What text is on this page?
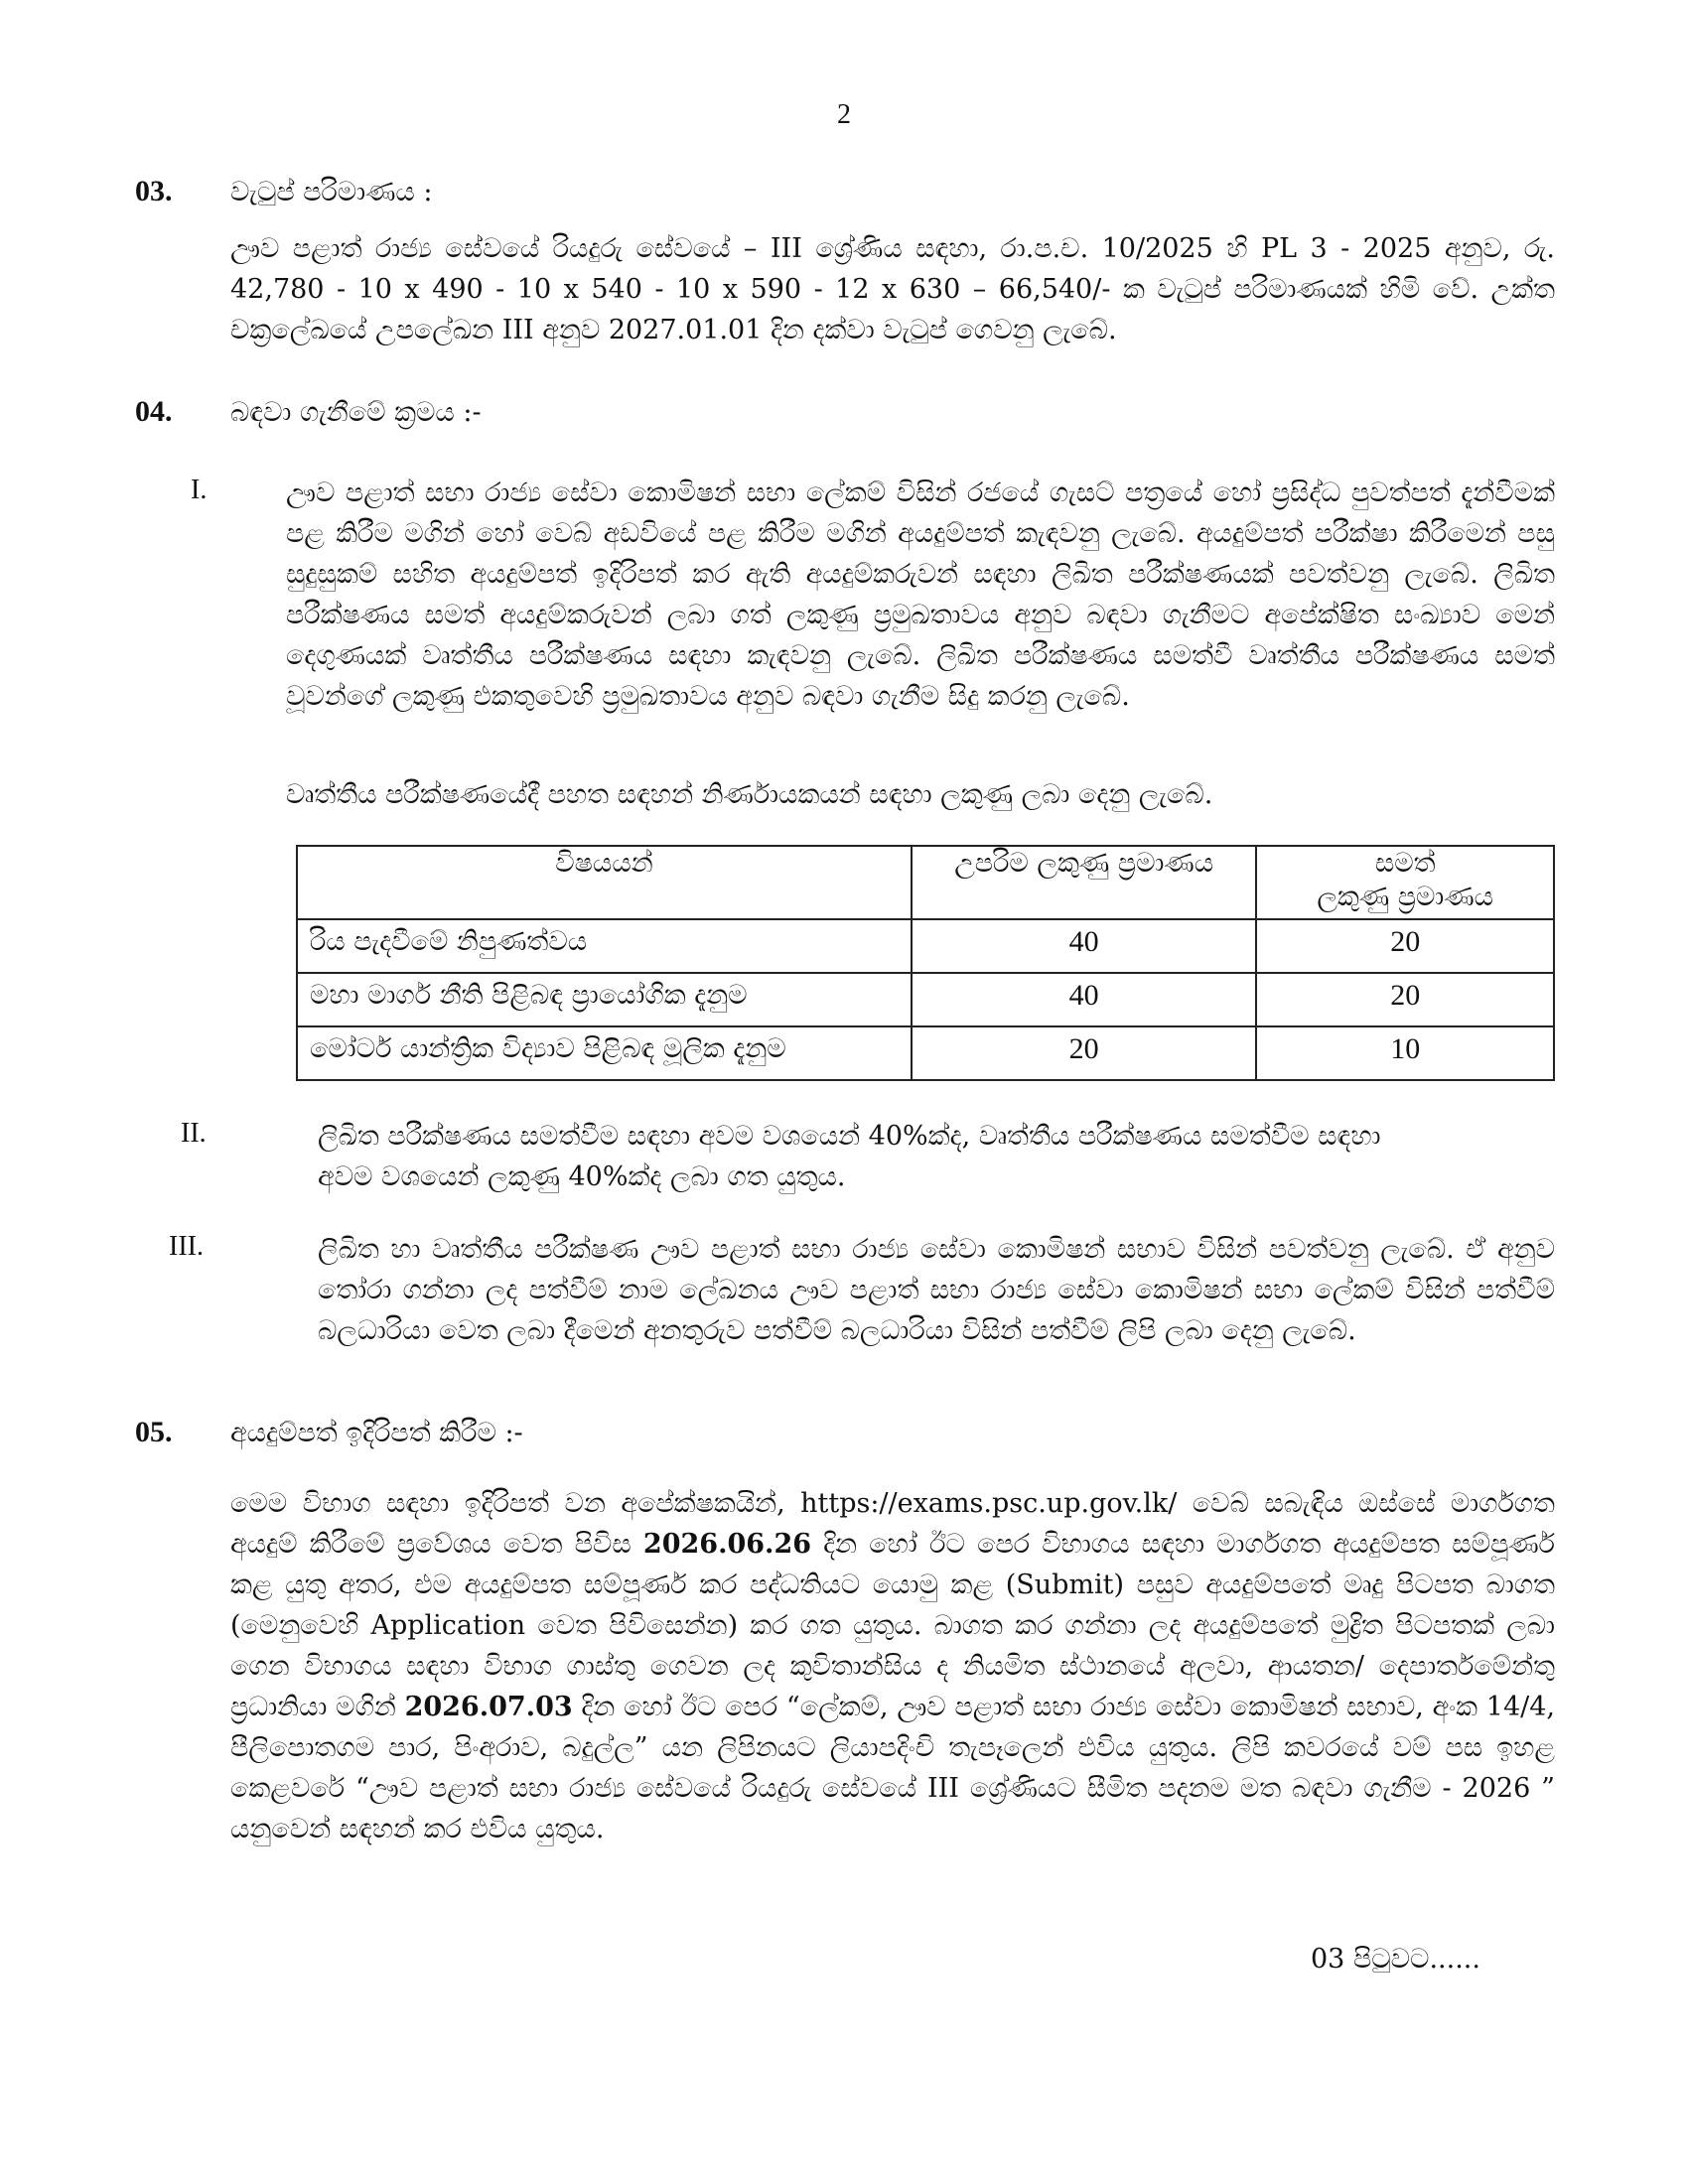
2
03. වැටුප් පරිමාණය :

ඌව පළාත් රාජ්‍ය සේවයේ රියදුරු සේවයේ – III ශ්‍රේණිය සඳහා, රා.ප.ච. 10/2025 හි PL 3 - 2025 අනුව, රු. 42,780 - 10 x 490 - 10 x 540 - 10 x 590 - 12 x 630 – 66,540/- ක වැටුප් පරිමාණයක් හිමි වේ. උක්ත චක්‍රලේඛයේ උපලේඛන III අනුව 2027.01.01 දින දක්වා වැටුප් ගෙවනු ලැබේ.

04. බඳවා ගැනීමේ ක්‍රමය :-
I.	ඌව පළාත් සභා රාජ්‍ය සේවා කොමිෂන් සභා ලේකම් විසින් රජයේ ගැසට් පත්‍රයේ හෝ ප්‍රසිද්ධ පුවත්පත් දැන්වීමක් පළ කිරීම මගින් හෝ වෙබ් අඩවියේ පළ කිරීම මගින් අයදුම්පත් කැඳවනු ලැබේ. අයදුම්පත් පරීක්ෂා කිරීමෙන් පසු සුදුසුකම් සහිත අයදුම්පත් ඉදිරිපත් කර ඇති අයදුම්කරුවන් සඳහා ලිඛිත පරීක්ෂණයක් පවත්වනු ලැබේ. ලිඛිත පරීක්ෂණය සමත් අයදුම්කරුවන් ලබා ගත් ලකුණු ප්‍රමුඛතාවය අනුව බඳවා ගැනීමට අපේක්ෂිත සංඛ්‍යාව මෙන් දෙගුණයක් වෘත්තීය පරීක්ෂණය සඳහා කැඳවනු ලැබේ. ලිඛිත පරීක්ෂණය සමත්වී වෘත්තීය පරීක්ෂණය සමත් වූවන්ගේ ලකුණු එකතුවෙහි ප්‍රමුඛතාවය අනුව බඳවා ගැනීම සිදු කරනු ලැබේ.

වෘත්තීය පරීක්ෂණයේදී පහත සඳහන් නිර්ණායකයන් සඳහා ලකුණු ලබා දෙනු ලැබේ.
විෂයයන්	උපරිම ලකුණු ප්‍රමාණය	සමත්
ලකුණු ප්‍රමාණය

රිය පැදවීමේ නිපුණත්වය	40	20
මහා මාර්ග නීති පිළිබඳ ප්‍රායෝගික දැනුම	40	20
මෝටර් යාන්ත්‍රික විද්‍යාව පිළිබඳ මූලික දැනුම	20	10
II.	ලිඛිත පරීක්ෂණය සමත්වීම සඳහා අවම වශයෙන් 40%ක්ද, වෘත්තීය පරීක්ෂණය සමත්වීම සඳහා

අවම වශයෙන් ලකුණු 40%ක්ද ලබා ගත යුතුය.

III.	ලිඛිත හා වෘත්තීය පරීක්ෂණ ඌව පළාත් සභා රාජ්‍ය සේවා කොමිෂන් සභාව විසින් පවත්වනු ලැබේ. ඒ අනුව තෝරා ගන්නා ලද පත්වීම් නාම ලේඛනය ඌව පළාත් සභා රාජ්‍ය සේවා කොමිෂන් සභා ලේකම් විසින් පත්වීම් බලධාරියා වෙත ලබා දීමෙන් අනතුරුව පත්වීම් බලධාරියා විසින් පත්වීම් ලිපි ලබා දෙනු ලැබේ.

05. අයදුම්පත් ඉදිරිපත් කිරීම :-

මෙම විභාග සඳහා ඉදිරිපත් වන අපේක්ෂකයින්, https://exams.psc.up.gov.lk/ වෙබ් සබැඳිය ඔස්සේ මාර්ගගත අයදුම් කිරීමේ ප්‍රවේශය වෙත පිවිස 2026.06.26 දින හෝ ඊට පෙර විභාගය සඳහා මාර්ගගත අයදුම්පත සම්පූර්ණ කළ යුතු අතර, එම අයදුම්පත සම්පූර්ණ කර පද්ධතියට යොමු කළ (Submit) පසුව අයදුම්පතේ මෘදු පිටපත බාගත (මෙනුවෙහි Application වෙත පිවිසෙන්න) කර ගත යුතුය. බාගත කර ගන්නා ලද අයදුම්පතේ මුද්‍රිත පිටපතක් ලබා ගෙන විභාගය සඳහා විභාග ගාස්තු ගෙවන ලද කුවිතාන්සිය ද නියමිත ස්ථානයේ අලවා, ආයතන/ දෙපාර්තමේන්තු ප්‍රධානියා මගින් 2026.07.03 දින හෝ ඊට පෙර “ලේකම්, ඌව පළාත් සභා රාජ්‍ය සේවා කොමිෂන් සභාව, අංක 14/4, පීලිපොතගම පාර, පිංඅරාව, බදුල්ල” යන ලිපිනයට ලියාපදිංචි තැපෑලෙන් එවිය යුතුය. ලිපි කවරයේ වම් පස ඉහළ කෙළවරේ “ඌව පළාත් සභා රාජ්‍ය සේවයේ රියදුරු සේවයේ III ශ්‍රේණියට සීමිත පදනම මත බඳවා ගැනීම - 2026 ” යනුවෙන් සඳහන් කර එවිය යුතුය.

03 පිටුවට......
